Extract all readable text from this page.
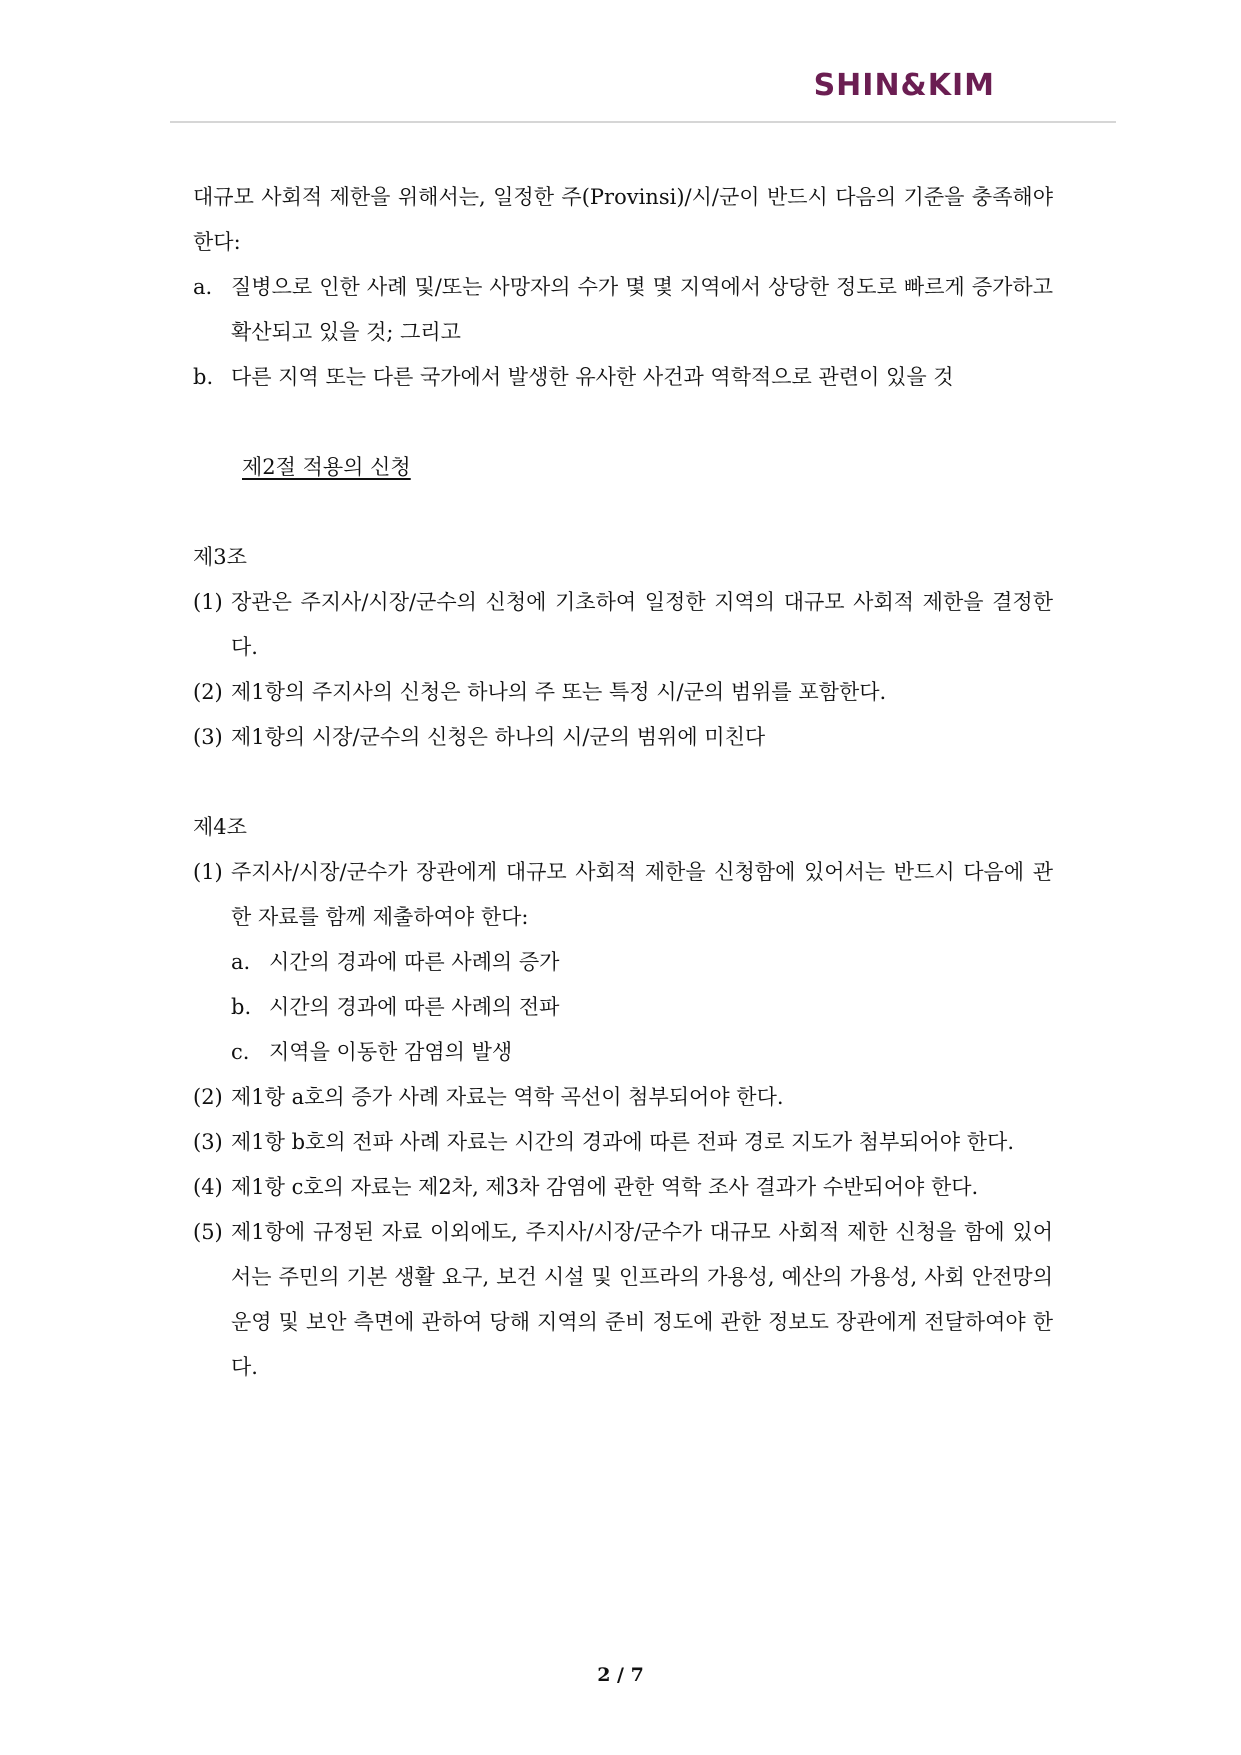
SHIN&KIM

대규모 사회적 제한을 위해서는, 일정한 주(Provinsi)/시/군이 반드시 다음의 기준을 충족해야 한다:

a. 질병으로 인한 사례 및/또는 사망자의 수가 몇 몇 지역에서 상당한 정도로 빠르게 증가하고 확산되고 있을 것; 그리고
b. 다른 지역 또는 다른 국가에서 발생한 유사한 사건과 역학적으로 관련이 있을 것

제2절 적용의 신청

제3조

(1) 장관은 주지사/시장/군수의 신청에 기초하여 일정한 지역의 대규모 사회적 제한을 결정한다.
(2) 제1항의 주지사의 신청은 하나의 주 또는 특정 시/군의 범위를 포함한다.
(3) 제1항의 시장/군수의 신청은 하나의 시/군의 범위에 미친다

제4조

(1) 주지사/시장/군수가 장관에게 대규모 사회적 제한을 신청함에 있어서는 반드시 다음에 관한 자료를 함께 제출하여야 한다:
a. 시간의 경과에 따른 사례의 증가
b. 시간의 경과에 따른 사례의 전파
c. 지역을 이동한 감염의 발생
(2) 제1항 a호의 증가 사례 자료는 역학 곡선이 첨부되어야 한다.
(3) 제1항 b호의 전파 사례 자료는 시간의 경과에 따른 전파 경로 지도가 첨부되어야 한다.
(4) 제1항 c호의 자료는 제2차, 제3차 감염에 관한 역학 조사 결과가 수반되어야 한다.
(5) 제1항에 규정된 자료 이외에도, 주지사/시장/군수가 대규모 사회적 제한 신청을 함에 있어서는 주민의 기본 생활 요구, 보건 시설 및 인프라의 가용성, 예산의 가용성, 사회 안전망의 운영 및 보안 측면에 관하여 당해 지역의 준비 정도에 관한 정보도 장관에게 전달하여야 한다.
2 / 7
